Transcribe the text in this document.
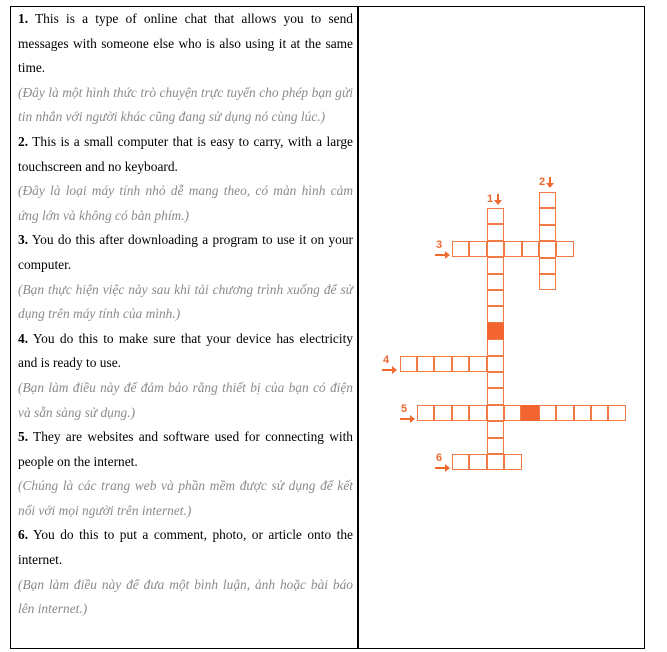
1. This is a type of online chat that allows you to send messages with someone else who is also using it at the same time.

(Đây là một hình thức trò chuyện trực tuyến cho phép bạn gửi tin nhắn với người khác cũng đang sử dụng nó cùng lúc.)

2. This is a small computer that is easy to carry, with a large touchscreen and no keyboard.

(Đây là loại máy tính nhỏ dễ mang theo, có màn hình cảm ứng lớn và không có bàn phím.)

3. You do this after downloading a program to use it on your computer.

(Bạn thực hiện việc này sau khi tải chương trình xuống để sử dụng trên máy tính của mình.)

4. You do this to make sure that your device has electricity and is ready to use.

(Bạn làm điều này để đảm bảo rằng thiết bị của bạn có điện và sẵn sàng sử dụng.)

5. They are websites and software used for connecting with people on the internet.

(Chúng là các trang web và phần mềm được sử dụng để kết nối với mọi người trên internet.)

6. You do this to put a comment, photo, or article onto the internet.

(Bạn làm điều này để đưa một bình luận, ảnh hoặc bài báo lên internet.)

1
2
3
4
5
6
